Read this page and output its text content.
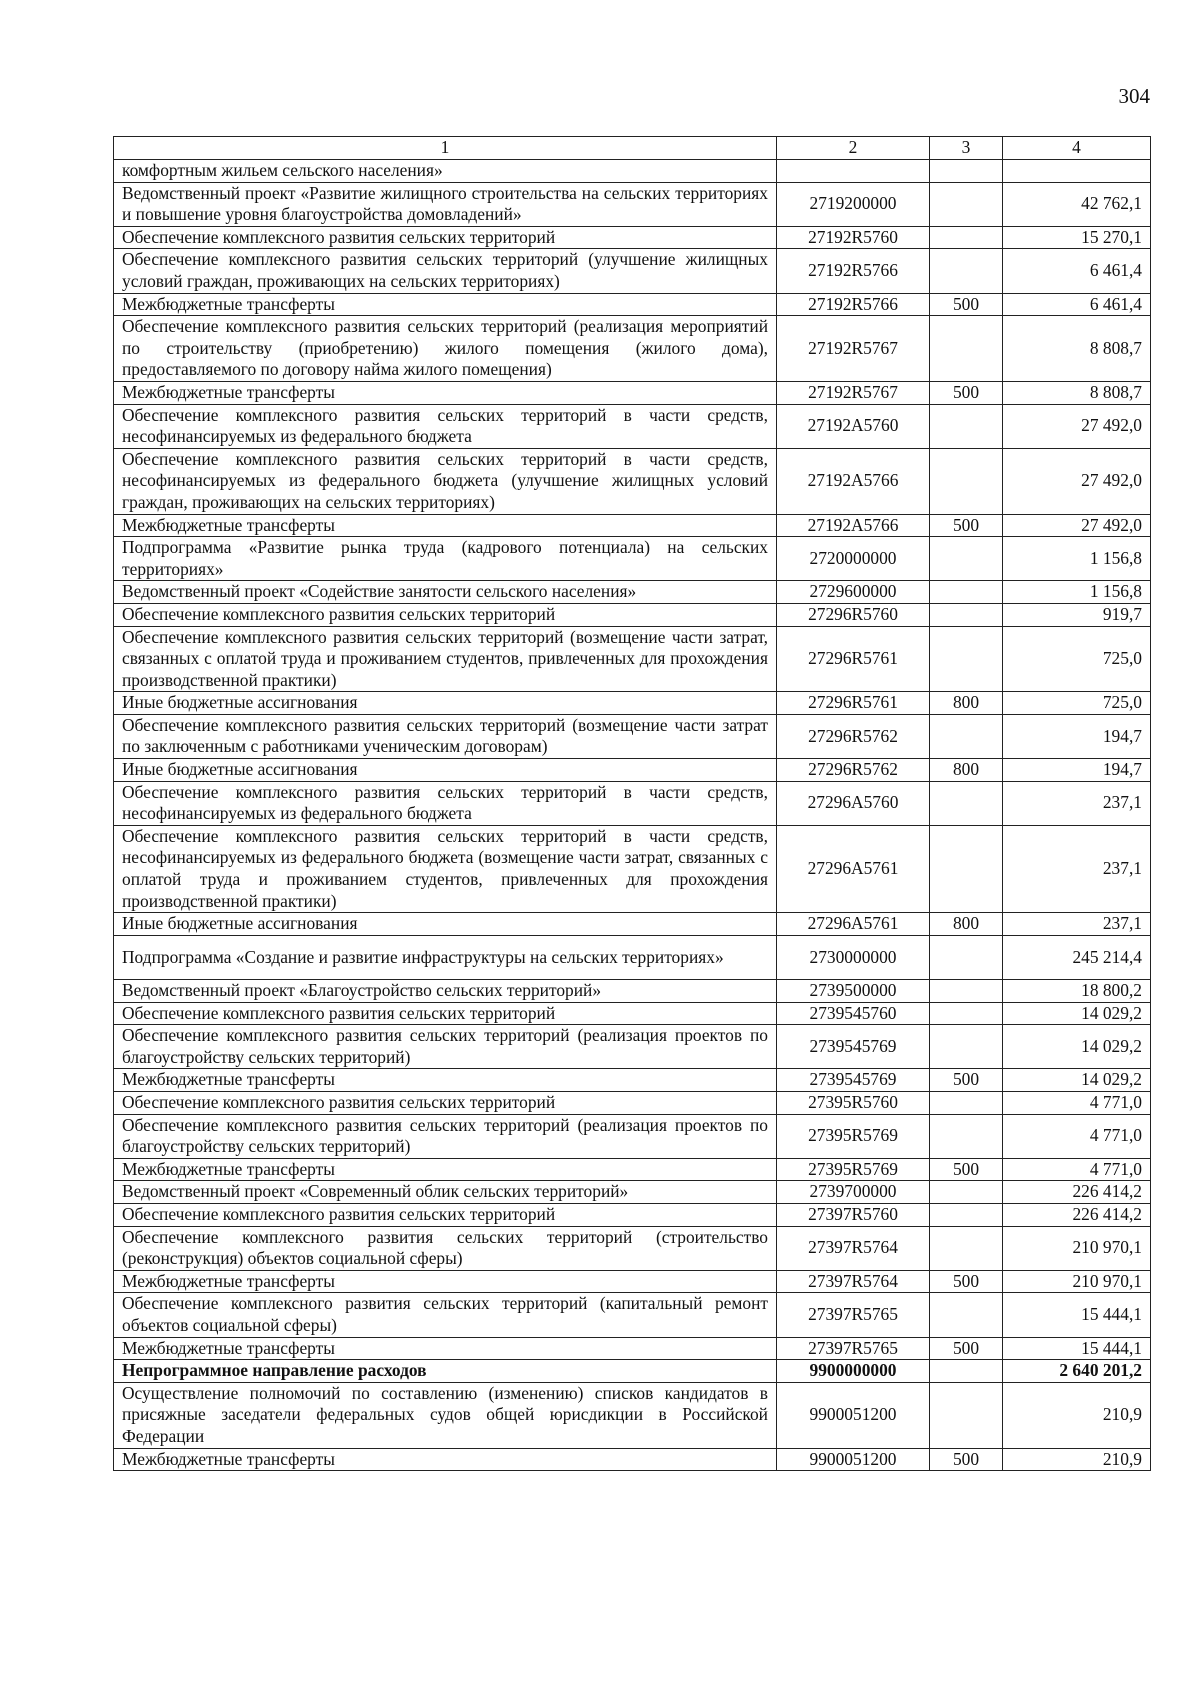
304
1	2	3	4
комфортным жильем сельского населения»			
Ведомственный проект «Развитие жилищного строительства на сельских территориях и повышение уровня благоустройства домовладений»	2719200000		42 762,1
Обеспечение комплексного развития сельских территорий	27192R5760		15 270,1
Обеспечение комплексного развития сельских территорий (улучшение жилищных условий граждан, проживающих на сельских территориях)	27192R5766		6 461,4
Межбюджетные трансферты	27192R5766	500	6 461,4
Обеспечение комплексного развития сельских территорий (реализация мероприятий по строительству (приобретению) жилого помещения (жилого дома), предоставляемого по договору найма жилого помещения)	27192R5767		8 808,7
Межбюджетные трансферты	27192R5767	500	8 808,7
Обеспечение комплексного развития сельских территорий в части средств, несофинансируемых из федерального бюджета	27192A5760		27 492,0
Обеспечение комплексного развития сельских территорий в части средств, несофинансируемых из федерального бюджета (улучшение жилищных условий граждан, проживающих на сельских территориях)	27192A5766		27 492,0
Межбюджетные трансферты	27192A5766	500	27 492,0
Подпрограмма «Развитие рынка труда (кадрового потенциала) на сельских территориях»	2720000000		1 156,8
Ведомственный проект «Содействие занятости сельского населения»	2729600000		1 156,8
Обеспечение комплексного развития сельских территорий	27296R5760		919,7
Обеспечение комплексного развития сельских территорий (возмещение части затрат, связанных с оплатой труда и проживанием студентов, привлеченных для прохождения производственной практики)	27296R5761		725,0
Иные бюджетные ассигнования	27296R5761	800	725,0
Обеспечение комплексного развития сельских территорий (возмещение части затрат по заключенным с работниками ученическим договорам)	27296R5762		194,7
Иные бюджетные ассигнования	27296R5762	800	194,7
Обеспечение комплексного развития сельских территорий в части средств, несофинансируемых из федерального бюджета	27296A5760		237,1
Обеспечение комплексного развития сельских территорий в части средств, несофинансируемых из федерального бюджета (возмещение части затрат, связанных с оплатой труда и проживанием студентов, привлеченных для прохождения производственной практики)	27296A5761		237,1
Иные бюджетные ассигнования	27296A5761	800	237,1
Подпрограмма «Создание и развитие инфраструктуры на сельских территориях»	2730000000		245 214,4
Ведомственный проект «Благоустройство сельских территорий»	2739500000		18 800,2
Обеспечение комплексного развития сельских территорий	2739545760		14 029,2
Обеспечение комплексного развития сельских территорий (реализация проектов по благоустройству сельских территорий)	2739545769		14 029,2
Межбюджетные трансферты	2739545769	500	14 029,2
Обеспечение комплексного развития сельских территорий	27395R5760		4 771,0
Обеспечение комплексного развития сельских территорий (реализация проектов по благоустройству сельских территорий)	27395R5769		4 771,0
Межбюджетные трансферты	27395R5769	500	4 771,0
Ведомственный проект «Современный облик сельских территорий»	2739700000		226 414,2
Обеспечение комплексного развития сельских территорий	27397R5760		226 414,2
Обеспечение комплексного развития сельских территорий (строительство (реконструкция) объектов социальной сферы)	27397R5764		210 970,1
Межбюджетные трансферты	27397R5764	500	210 970,1
Обеспечение комплексного развития сельских территорий (капитальный ремонт объектов социальной сферы)	27397R5765		15 444,1
Межбюджетные трансферты	27397R5765	500	15 444,1
Непрограммное направление расходов	9900000000		2 640 201,2
Осуществление полномочий по составлению (изменению) списков кандидатов в присяжные заседатели федеральных судов общей юрисдикции в Российской Федерации	9900051200		210,9
Межбюджетные трансферты	9900051200	500	210,9
